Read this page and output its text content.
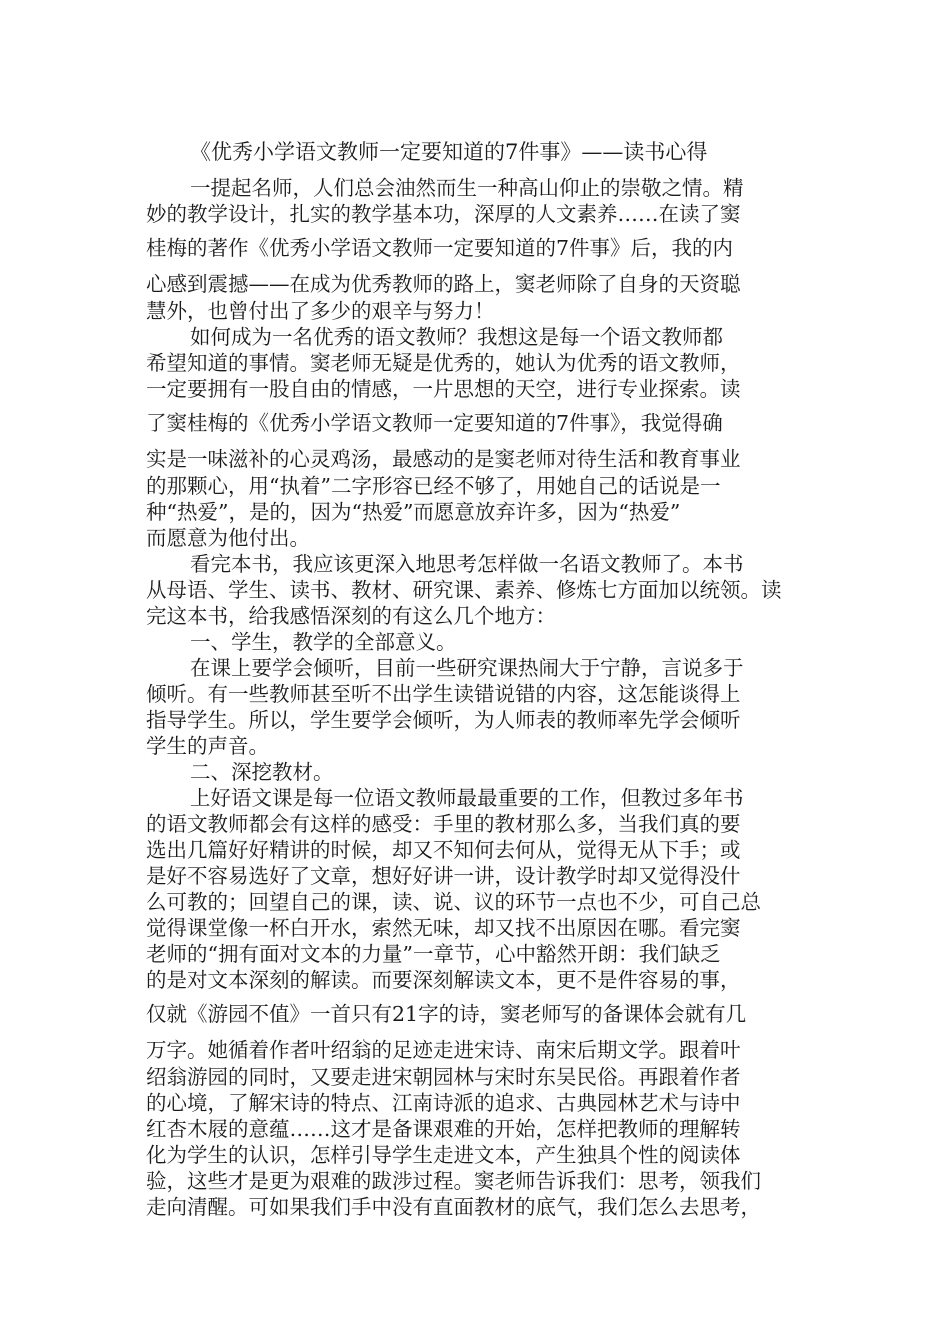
《优秀小学语文教师一定要知道的7件事》——读书心得
一提起名师，人们总会油然而生一种高山仰止的崇敬之情。精
妙的教学设计，扎实的教学基本功，深厚的人文素养……在读了窦
桂梅的著作《优秀小学语文教师一定要知道的7件事》后，我的内
心感到震撼——在成为优秀教师的路上，窦老师除了自身的天资聪
慧外，也曾付出了多少的艰辛与努力！
如何成为一名优秀的语文教师？我想这是每一个语文教师都
希望知道的事情。窦老师无疑是优秀的，她认为优秀的语文教师，
一定要拥有一股自由的情感，一片思想的天空，进行专业探索。读
了窦桂梅的《优秀小学语文教师一定要知道的7件事》，我觉得确
实是一味滋补的心灵鸡汤，最感动的是窦老师对待生活和教育事业
的那颗心，用“执着”二字形容已经不够了，用她自己的话说是一
种“热爱”，是的，因为“热爱”而愿意放弃许多，因为“热爱”
而愿意为他付出。
看完本书，我应该更深入地思考怎样做一名语文教师了。本书
从母语、学生、读书、教材、研究课、素养、修炼七方面加以统领。读
完这本书，给我感悟深刻的有这么几个地方：
一、学生，教学的全部意义。
在课上要学会倾听，目前一些研究课热闹大于宁静，言说多于
倾听。有一些教师甚至听不出学生读错说错的内容，这怎能谈得上
指导学生。所以，学生要学会倾听，为人师表的教师率先学会倾听
学生的声音。
二、深挖教材。
上好语文课是每一位语文教师最最重要的工作，但教过多年书
的语文教师都会有这样的感受：手里的教材那么多，当我们真的要
选出几篇好好精讲的时候，却又不知何去何从，觉得无从下手；或
是好不容易选好了文章，想好好讲一讲，设计教学时却又觉得没什
么可教的；回望自己的课，读、说、议的环节一点也不少，可自己总
觉得课堂像一杯白开水，索然无味，却又找不出原因在哪。看完窦
老师的“拥有面对文本的力量”一章节，心中豁然开朗：我们缺乏
的是对文本深刻的解读。而要深刻解读文本，更不是件容易的事，
仅就《游园不值》一首只有21字的诗，窦老师写的备课体会就有几
万字。她循着作者叶绍翁的足迹走进宋诗、南宋后期文学。跟着叶
绍翁游园的同时，又要走进宋朝园林与宋时东吴民俗。再跟着作者
的心境，了解宋诗的特点、江南诗派的追求、古典园林艺术与诗中
红杏木屐的意蕴……这才是备课艰难的开始，怎样把教师的理解转
化为学生的认识，怎样引导学生走进文本，产生独具个性的阅读体
验，这些才是更为艰难的跋涉过程。窦老师告诉我们：思考，领我们
走向清醒。可如果我们手中没有直面教材的底气，我们怎么去思考，
